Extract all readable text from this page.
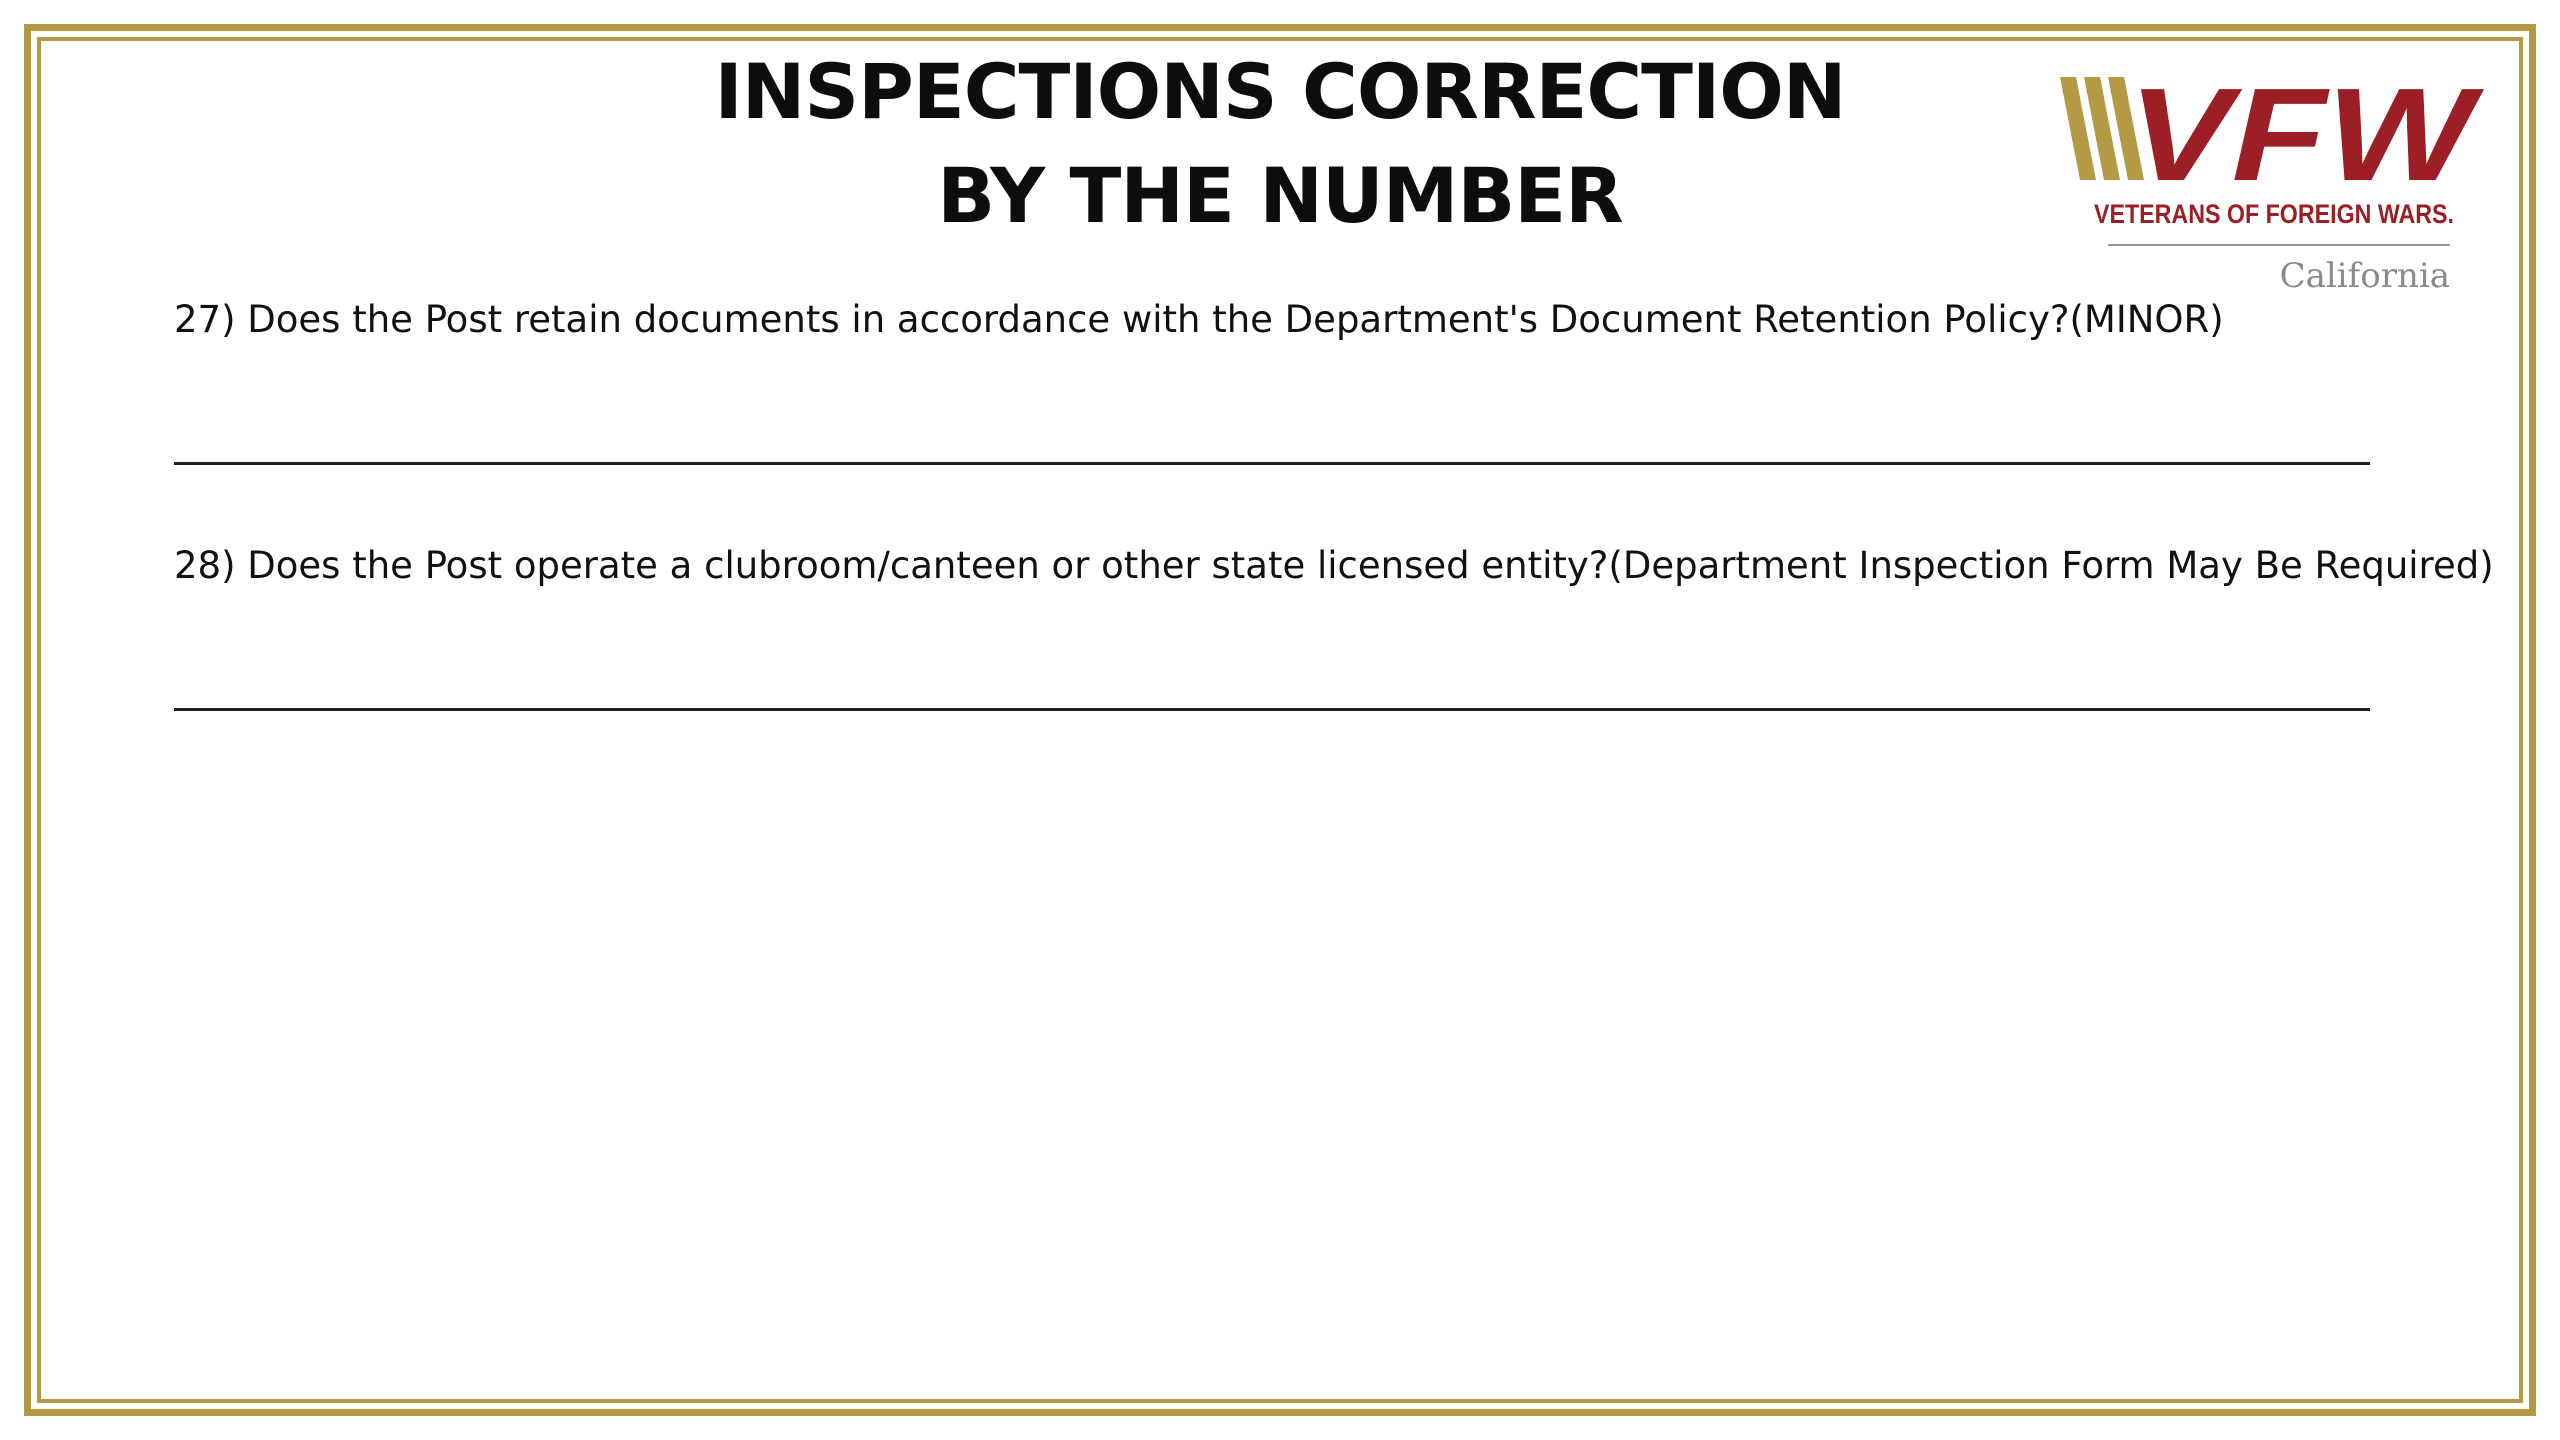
INSPECTIONS CORRECTION
BY THE NUMBER	VFW
VETERANS OF FOREIGN WARS.
California
27) Does the Post retain documents in accordance with the Department's Document Retention Policy?(MINOR)
28) Does the Post operate a clubroom/canteen or other state licensed entity?(Department Inspection Form May Be Required)
